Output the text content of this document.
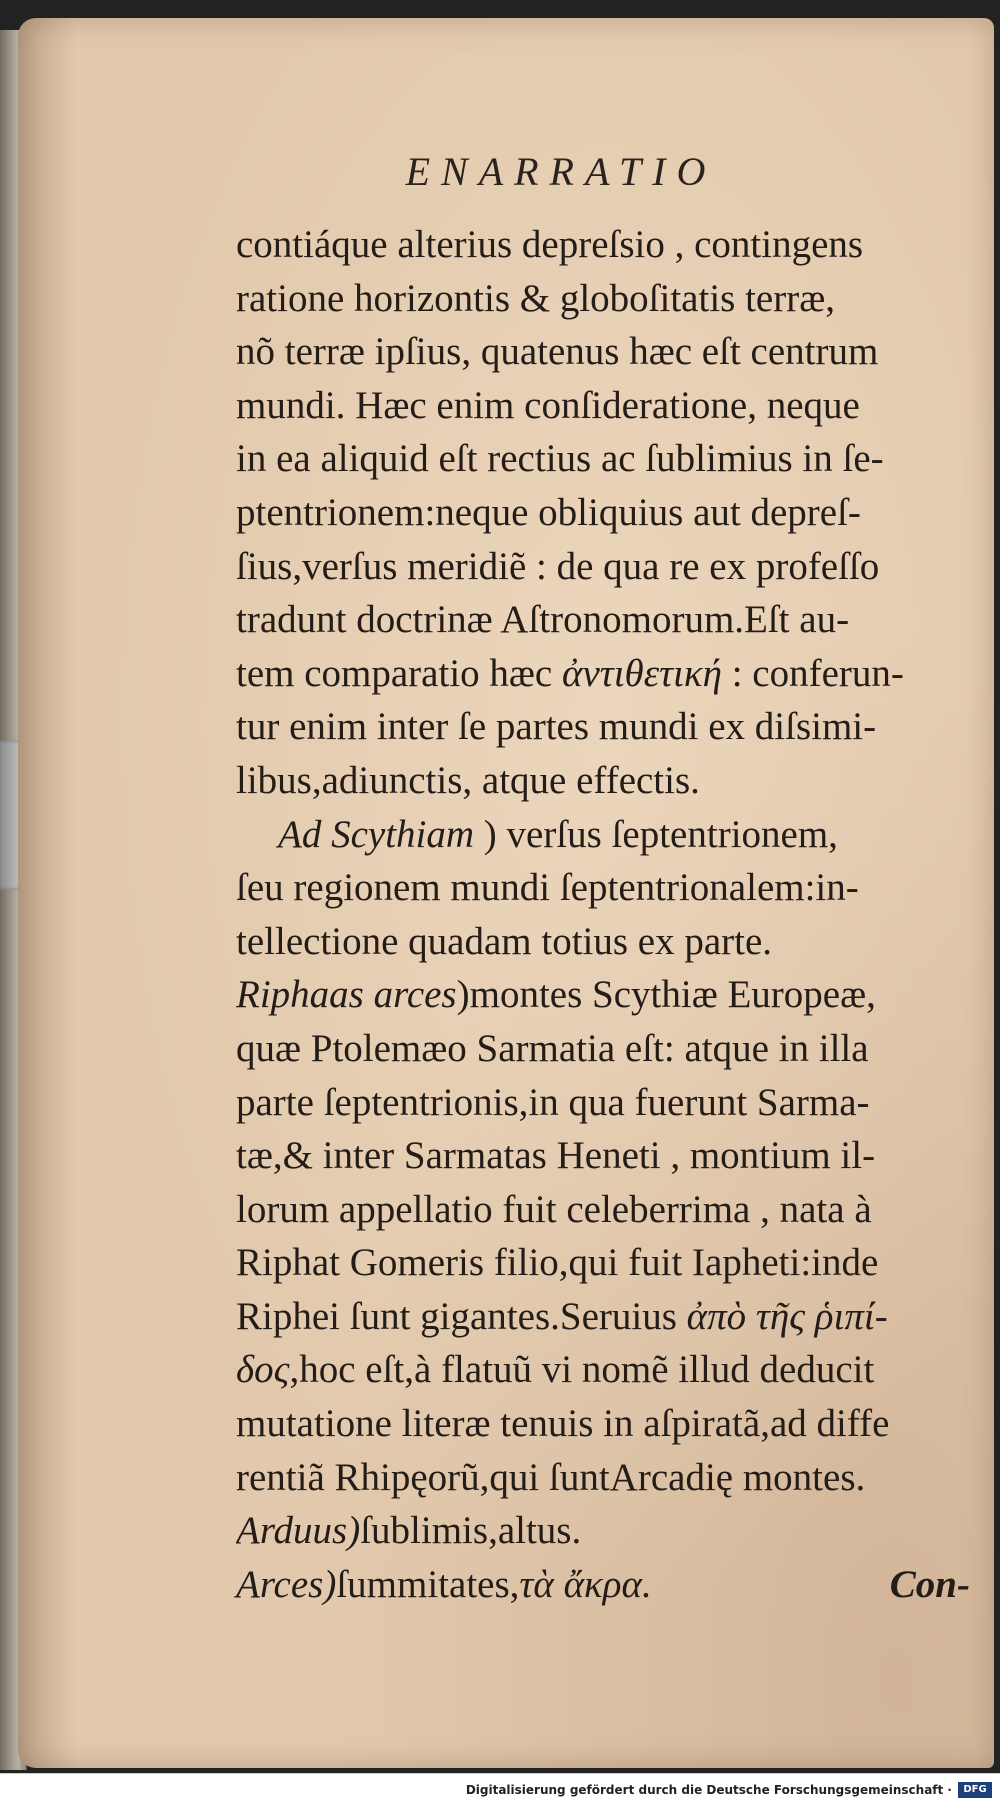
ENARRATIO
contiáque alterius depreſsio , contingens
ratione horizontis & globoſitatis terræ,
nõ terræ ipſius, quatenus hæc eſt centrum
mundi. Hæc enim conſideratione, neque
in ea aliquid eſt rectius ac ſublimius in ſe-
ptentrionem:neque obliquius aut depreſ-
ſius,verſus meridiẽ : de qua re ex profeſſo
tradunt doctrinæ Aſtronomorum.Eſt au-
tem comparatio hæc ἀντιθετική : conferun-
tur enim inter ſe partes mundi ex diſsimi-
libus,adiunctis, atque effectis.
Ad Scythiam ) verſus ſeptentrionem,
ſeu regionem mundi ſeptentrionalem:in-
tellectione quadam totius ex parte.
Riphaas arces)montes Scythiæ Europeæ,
quæ Ptolemæo Sarmatia eſt: atque in illa
parte ſeptentrionis,in qua fuerunt Sarma-
tæ,& inter Sarmatas Heneti , montium il-
lorum appellatio fuit celeberrima , nata à
Riphat Gomeris filio,qui fuit Iapheti:inde
Riphei ſunt gigantes.Seruius ἀπὸ τῆς ῥιπί-
δος,hoc eſt,à flatuũ vi nomẽ illud deducit
mutatione literæ tenuis in aſpiratã,ad diffe
rentiã Rhipęorũ,qui ſuntArcadię montes.
Arduus)ſublimis,altus.
Arces)ſummitates,τὰ ἄκρα.	Con-
Digitalisierung gefördert durch die Deutsche Forschungsgemeinschaft ·	DFG
